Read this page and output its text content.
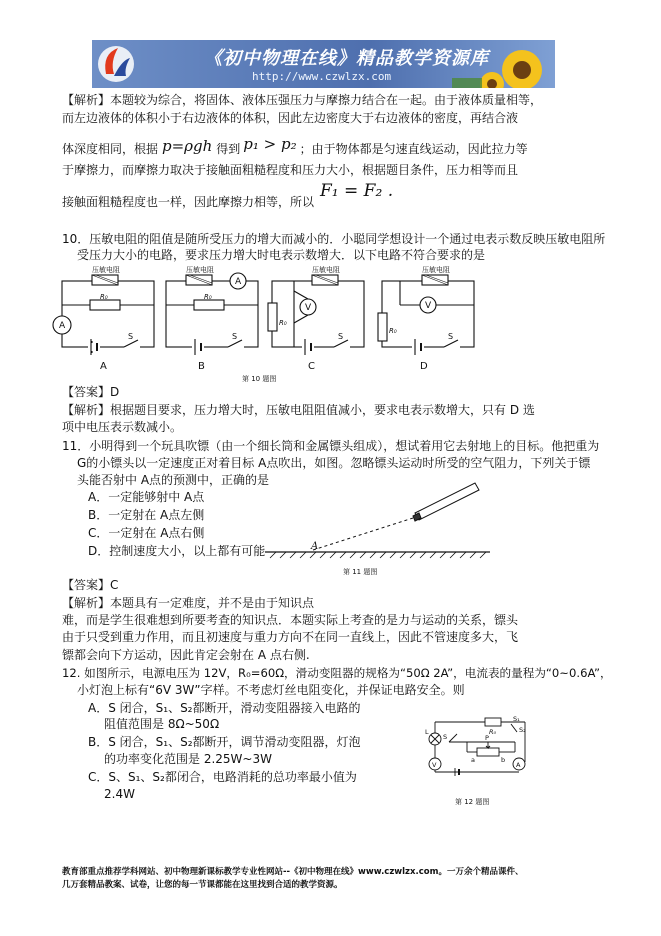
《初中物理在线》精品教学资源库
http://www.czwlzx.com
【解析】本题较为综合，将固体、液体压强压力与摩擦力结合在一起。由于液体质量相等，
而左边液体的体积小于右边液体的体积，因此左边密度大于右边液体的密度，再结合液
体深度相同，根据 p=ρgh 得到 p₁ > p₂ ；由于物体都是匀速直线运动，因此拉力等
于摩擦力，而摩擦力取决于接触面粗糙程度和压力大小，根据题目条件，压力相等而且
接触面粗糙程度也一样，因此摩擦力相等，所以F₁ = F₂ .
10．压敏电阻的阻值是随所受压力的增大而减小的．小聪同学想设计一个通过电表示数反映压敏电阻所
受压力大小的电路，要求压力增大时电表示数增大．以下电路不符合要求的是
压敏电阻	压敏电阻	压敏电阻	压敏电阻
R₀	R₀
R₀
R₀
A
A
V	V
S	S	S	S
A	B	C	D
第 10 题图
【答案】D
【解析】根据题目要求，压力增大时，压敏电阻阻值减小，要求电表示数增大，只有 D 选
项中电压表示数减小。
11．小明得到一个玩具吹镖（由一个细长筒和金属镖头组成），想试着用它去射地上的目标。他把重为
G的小镖头以一定速度正对着目标 A点吹出，如图。忽略镖头运动时所受的空气阻力，下列关于镖
头能否射中 A点的预测中，正确的是
A．一定能够射中 A点
B．一定射在 A点左侧
C．一定射在 A点右侧
D．控制速度大小，以上都有可能	A
第 11 题图
【答案】C
【解析】本题具有一定难度，并不是由于知识点
难，而是学生很难想到所要考查的知识点．本题实际上考查的是力与运动的关系，镖头
由于只受到重力作用，而且初速度与重力方向不在同一直线上，因此不管速度多大，飞
镖都会向下方运动，因此肯定会射在 A 点右侧.
12. 如图所示，电源电压为 12V，R₀=60Ω，滑动变阻器的规格为“50Ω 2A”，电流表的量程为“0~0.6A”，
小灯泡上标有“6V 3W”字样。不考虑灯丝电阻变化，并保证电路安全。则
A．S 闭合，S₁、S₂都断开，滑动变阻器接入电路的
阻值范围是 8Ω~50Ω
B．S 闭合，S₁、S₂都断开，调节滑动变阻器，灯泡
的功率变化范围是 2.25W~3W
C．S、S₁、S₂都闭合，电路消耗的总功率最小值为
2.4W
L
S
R₀
S₁
S₂
A
V
a	b
P
第 12 题图
教育部重点推荐学科网站、初中物理新课标教学专业性网站--《初中物理在线》www.czwlzx.com。一万余个精品课件、
几万套精品教案、试卷，让您的每一节课都能在这里找到合适的教学资源。
